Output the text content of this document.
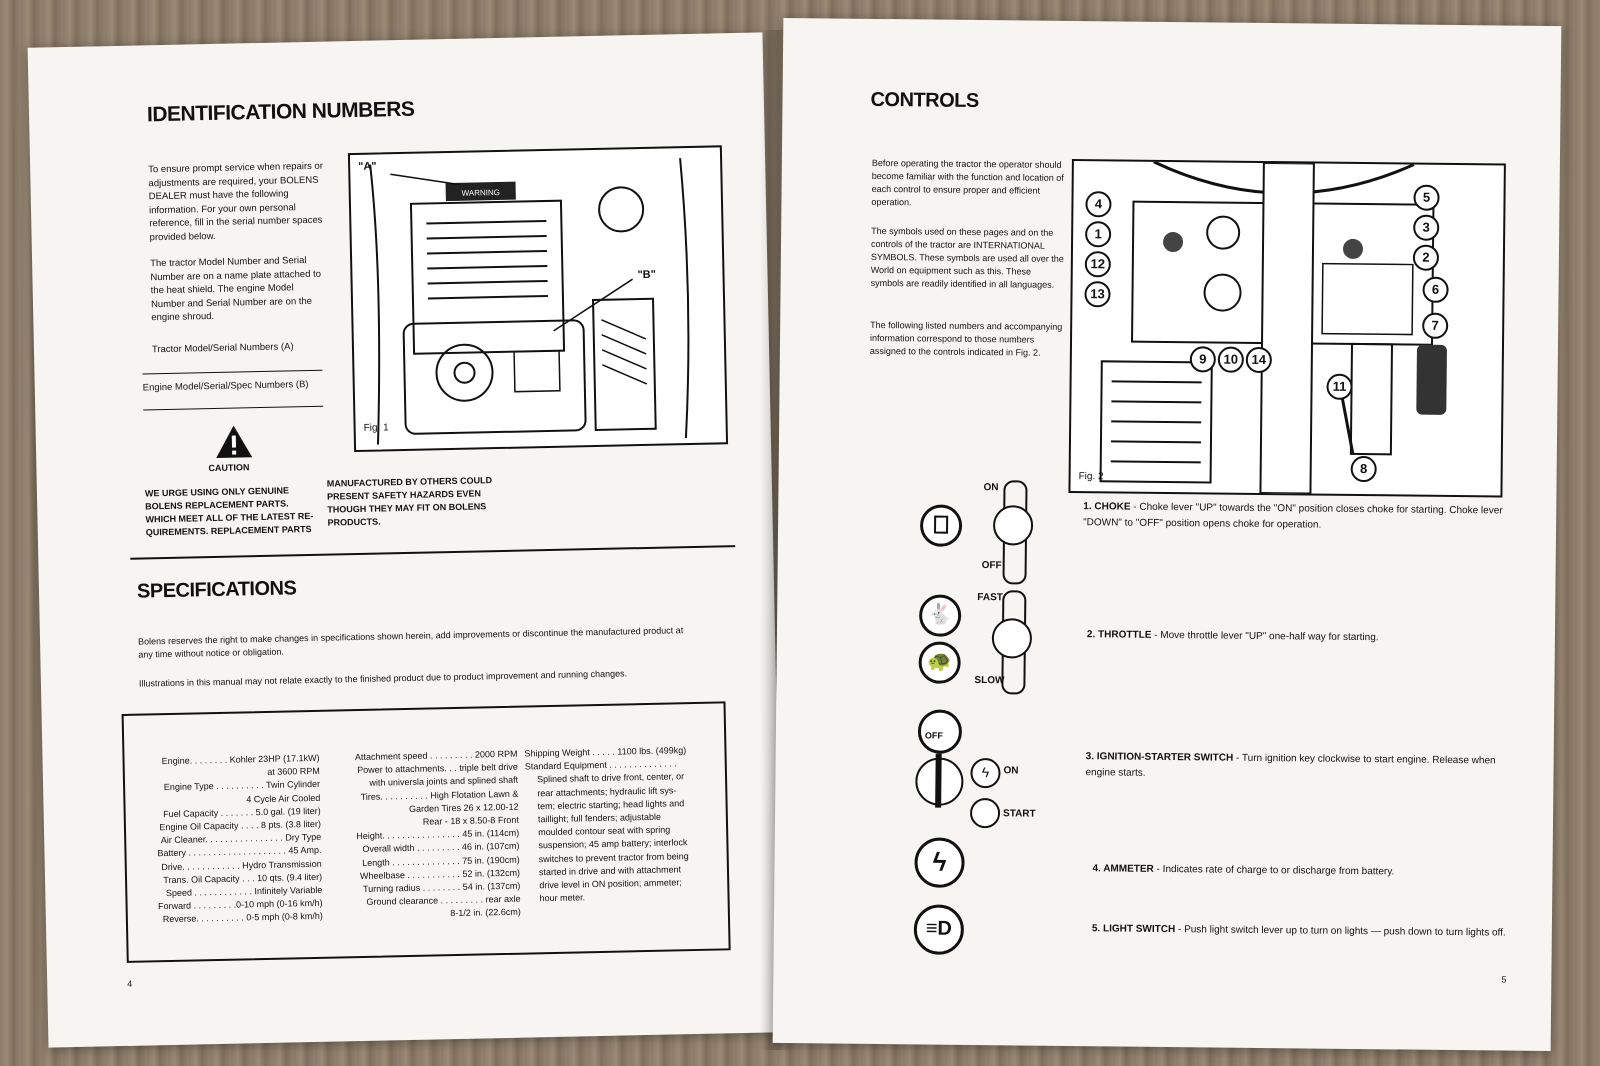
IDENTIFICATION NUMBERS
To ensure prompt service when repairs or adjustments are required, your BOLENS DEALER must have the following information. For your own personal reference, fill in the serial number spaces provided below.
The tractor Model Number and Serial Number are on a name plate attached to the heat shield. The engine Model Number and Serial Number are on the engine shroud.
Tractor Model/Serial Numbers (A)
Engine Model/Serial/Spec Numbers (B)
WARNING
"A"
"B"
Fig. 1
CAUTION
WE URGE USING ONLY GENUINE
BOLENS REPLACEMENT PARTS.
WHICH MEET ALL OF THE LATEST RE-
QUIREMENTS. REPLACEMENT PARTS
MANUFACTURED BY OTHERS COULD
PRESENT SAFETY HAZARDS EVEN
THOUGH THEY MAY FIT ON BOLENS
PRODUCTS.
SPECIFICATIONS
Bolens reserves the right to make changes in specifications shown herein, add improvements or discontinue the manufactured product at any time without notice or obligation.
Illustrations in this manual may not relate exactly to the finished product due to product improvement and running changes.
Engine. . . . . . . . Kohler 23HP (17.1kW)
at 3600 RPM
Engine Type . . . . . . . . . . Twin Cylinder
4 Cycle Air Cooled
Fuel Capacity . . . . . . . 5.0 gal. (19 liter)
Engine Oil Capacity . . . . 8 pts. (3.8 liter)
Air Cleaner. . . . . . . . . . . . . . . . Dry Type
Battery . . . . . . . . . . . . . . . . . . . . 45 Amp.
Drive. . . . . . . . . . . . Hydro Transmission
Trans. Oil Capacity . . . 10 qts. (9.4 liter)
Speed . . . . . . . . . . . . Infinitely Variable
Forward . . . . . . . . .0-10 mph (0-16 km/h)
Reverse. . . . . . . . . . 0-5 mph (0-8 km/h)
Attachment speed . . . . . . . . . 2000 RPM
Power to attachments. . . triple belt drive
with universla joints and splined shaft
Tires. . . . . . . . . . High Flotation Lawn &
Garden Tires 26 x 12.00-12
Rear - 18 x 8.50-8 Front
Height. . . . . . . . . . . . . . . . 45 in. (114cm)
Overall width . . . . . . . . . 46 in. (107cm)
Length . . . . . . . . . . . . . . 75 in. (190cm)
Wheelbase . . . . . . . . . . . 52 in. (132cm)
Turning radius . . . . . . . . 54 in. (137cm)
Ground clearance . . . . . . . . . rear axle
8-1/2 in. (22.6cm)
Shipping Weight . . . . . 1100 lbs. (499kg)
Standard Equipment . . . . . . . . . . . . . .
Splined shaft to drive front, center, or
rear attachments; hydraulic lift sys-
tem; electric starting; head lights and
taillight; full fenders; adjustable
moulded contour seat with spring
suspension; 45 amp battery; interlock
switches to prevent tractor from being
started in drive and with attachment
drive level in ON position; ammeter;
hour meter.
4
CONTROLS
Before operating the tractor the operator should become familiar with the function and location of each control to ensure proper and efficient operation.
The symbols used on these pages and on the controls of the tractor are INTERNATIONAL SYMBOLS. These symbols are used all over the World on equipment such as this. These symbols are readily identified in all languages.
The following listed numbers and accompanying information correspond to those numbers assigned to the controls indicated in Fig. 2.
4
1
12
13
5
3
2
6
7
9	10	14
11
8
Fig. 2
ON
OFF
🐇
🐢
FAST
SLOW
OFF
ϟ	ON
START
ϟ
≡D
1. CHOKE - Choke lever "UP" towards the "ON" position closes choke for starting. Choke lever "DOWN" to "OFF" position opens choke for operation.
2. THROTTLE - Move throttle lever "UP" one-half way for starting.
3. IGNITION-STARTER SWITCH - Turn ignition key clockwise to start engine. Release when engine starts.
4. AMMETER - Indicates rate of charge to or discharge from battery.
5. LIGHT SWITCH - Push light switch lever up to turn on lights — push down to turn lights off.
5
